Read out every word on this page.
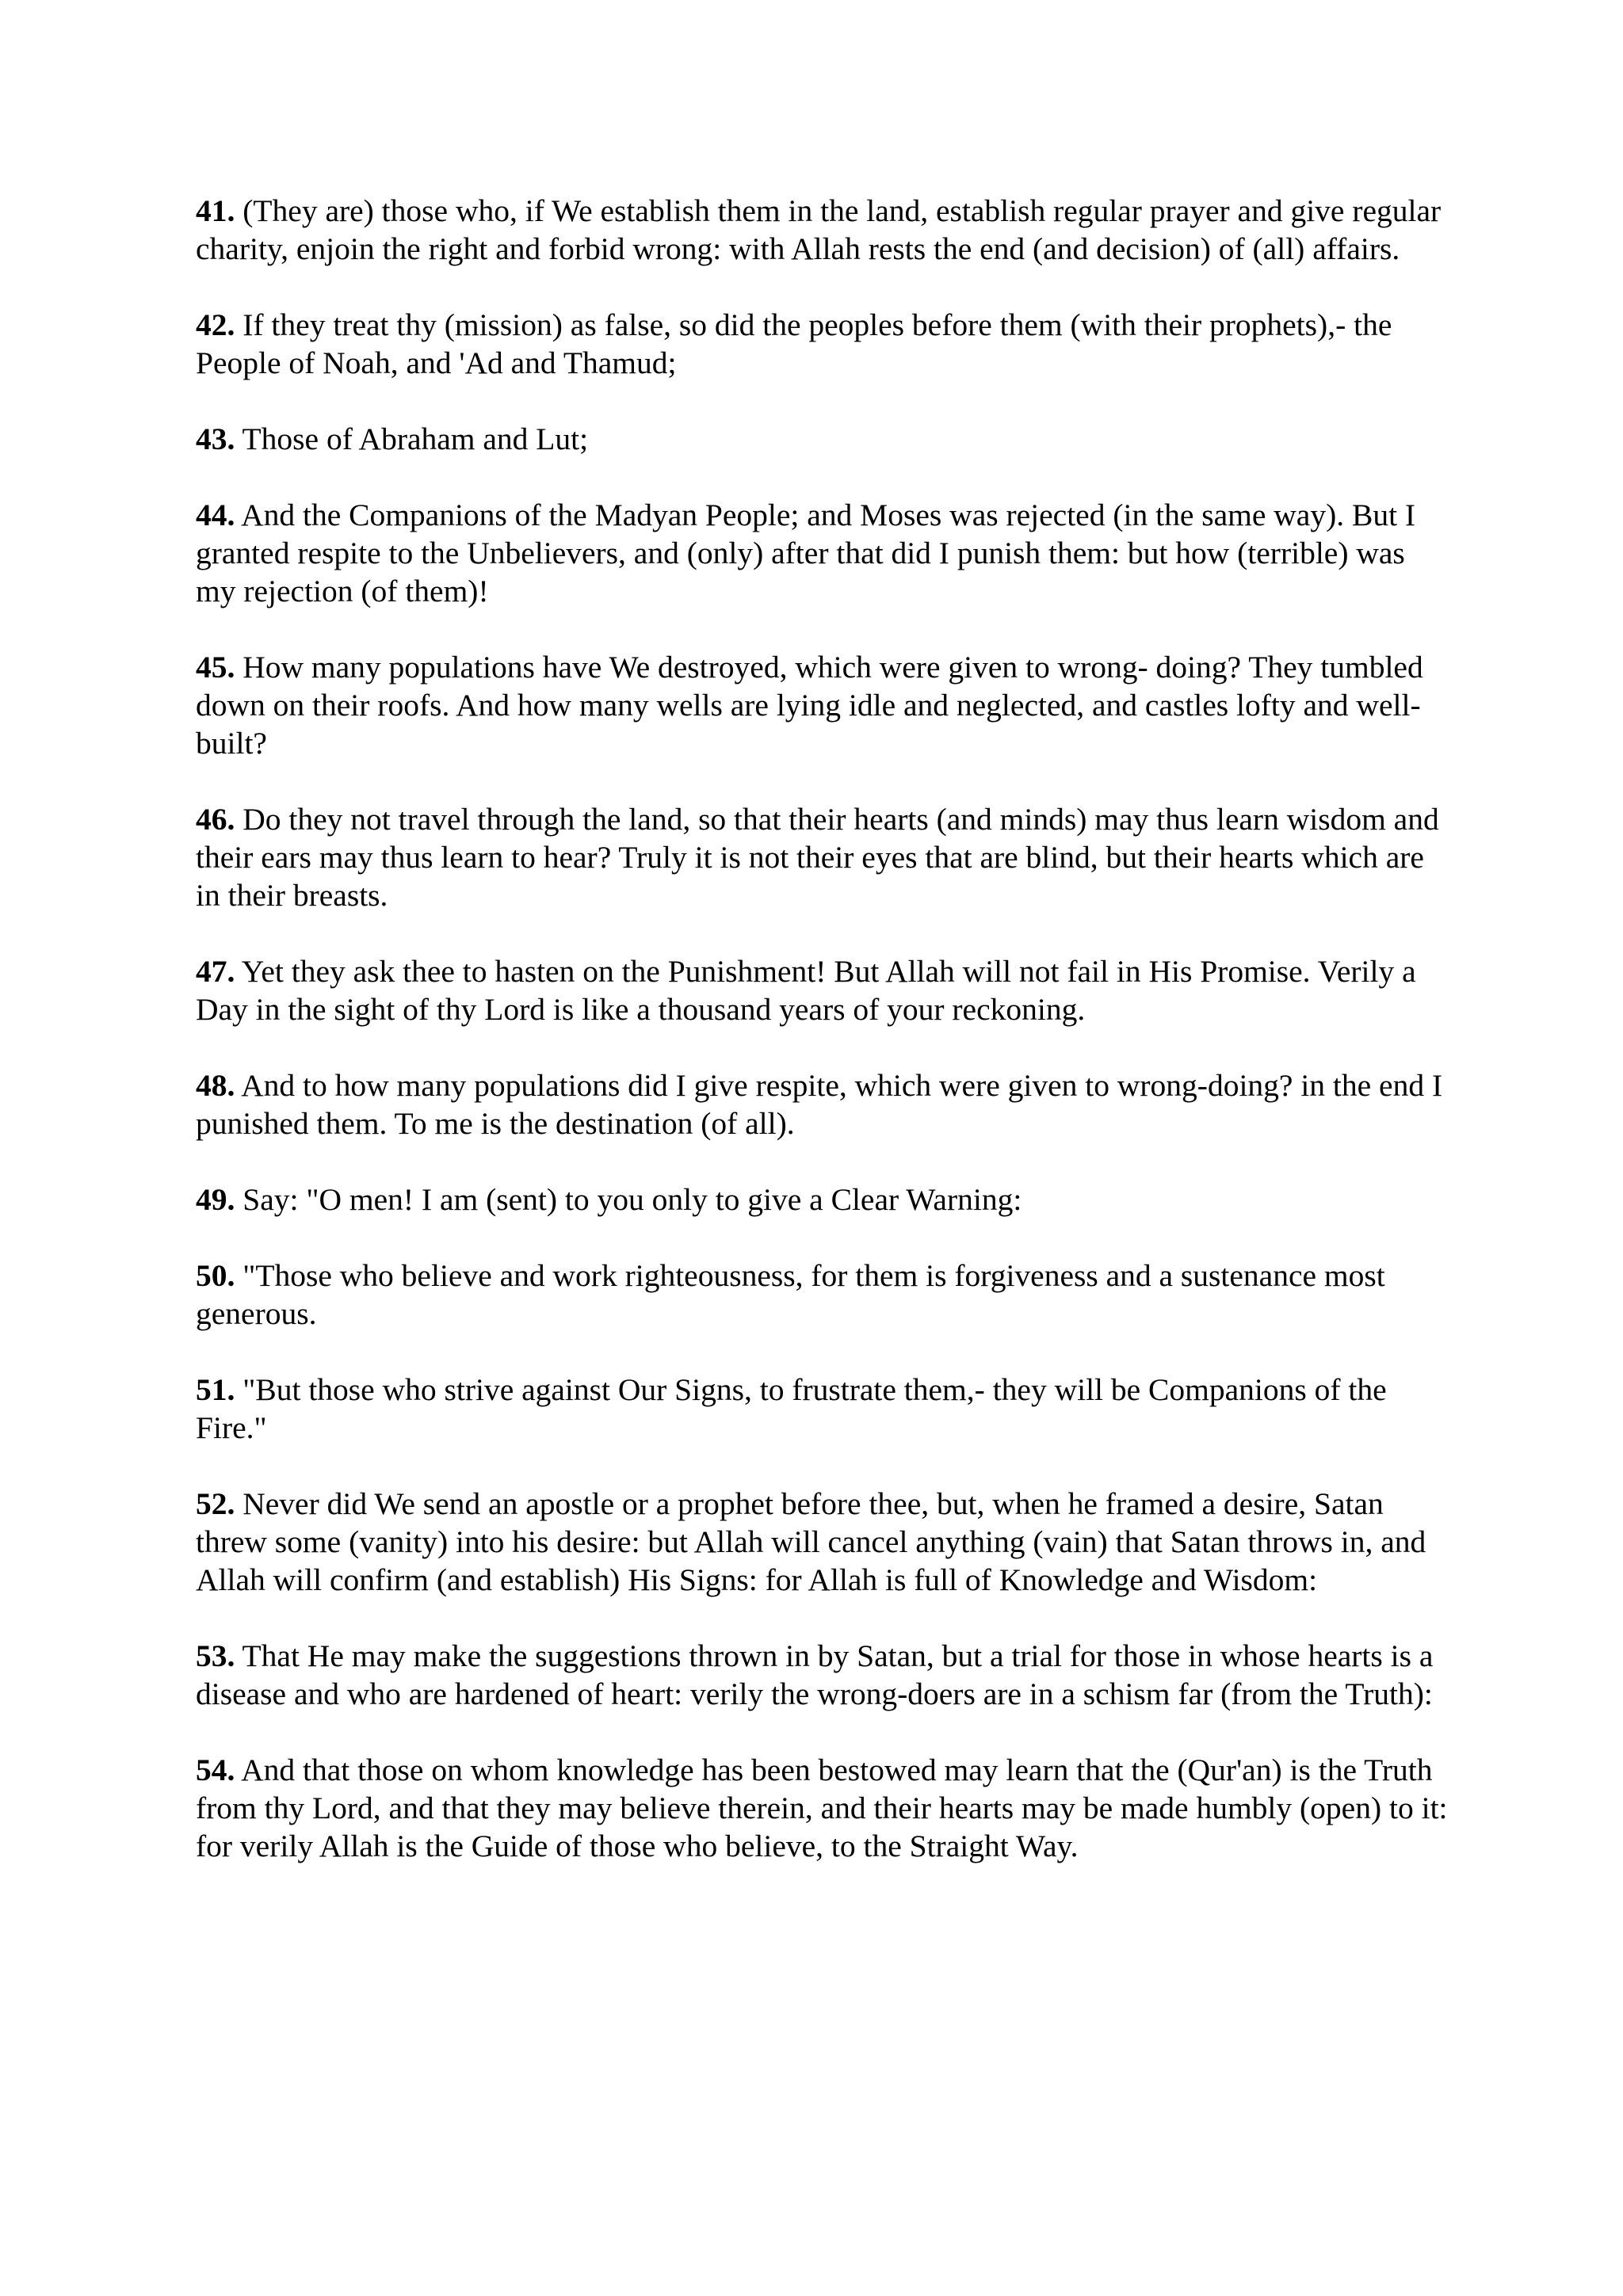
41. (They are) those who, if We establish them in the land, establish regular prayer and give regular charity, enjoin the right and forbid wrong: with Allah rests the end (and decision) of (all) affairs.

42. If they treat thy (mission) as false, so did the peoples before them (with their prophets),- the People of Noah, and 'Ad and Thamud;

43. Those of Abraham and Lut;

44. And the Companions of the Madyan People; and Moses was rejected (in the same way). But I granted respite to the Unbelievers, and (only) after that did I punish them: but how (terrible) was my rejection (of them)!

45. How many populations have We destroyed, which were given to wrong- doing? They tumbled down on their roofs. And how many wells are lying idle and neglected, and castles lofty and well-built?

46. Do they not travel through the land, so that their hearts (and minds) may thus learn wisdom and their ears may thus learn to hear? Truly it is not their eyes that are blind, but their hearts which are in their breasts.

47. Yet they ask thee to hasten on the Punishment! But Allah will not fail in His Promise. Verily a Day in the sight of thy Lord is like a thousand years of your reckoning.

48. And to how many populations did I give respite, which were given to wrong-doing? in the end I punished them. To me is the destination (of all).

49. Say: "O men! I am (sent) to you only to give a Clear Warning:

50. "Those who believe and work righteousness, for them is forgiveness and a sustenance most generous.

51. "But those who strive against Our Signs, to frustrate them,- they will be Companions of the Fire."

52. Never did We send an apostle or a prophet before thee, but, when he framed a desire, Satan threw some (vanity) into his desire: but Allah will cancel anything (vain) that Satan throws in, and Allah will confirm (and establish) His Signs: for Allah is full of Knowledge and Wisdom:

53. That He may make the suggestions thrown in by Satan, but a trial for those in whose hearts is a disease and who are hardened of heart: verily the wrong-doers are in a schism far (from the Truth):

54. And that those on whom knowledge has been bestowed may learn that the (Qur'an) is the Truth from thy Lord, and that they may believe therein, and their hearts may be made humbly (open) to it: for verily Allah is the Guide of those who believe, to the Straight Way.
